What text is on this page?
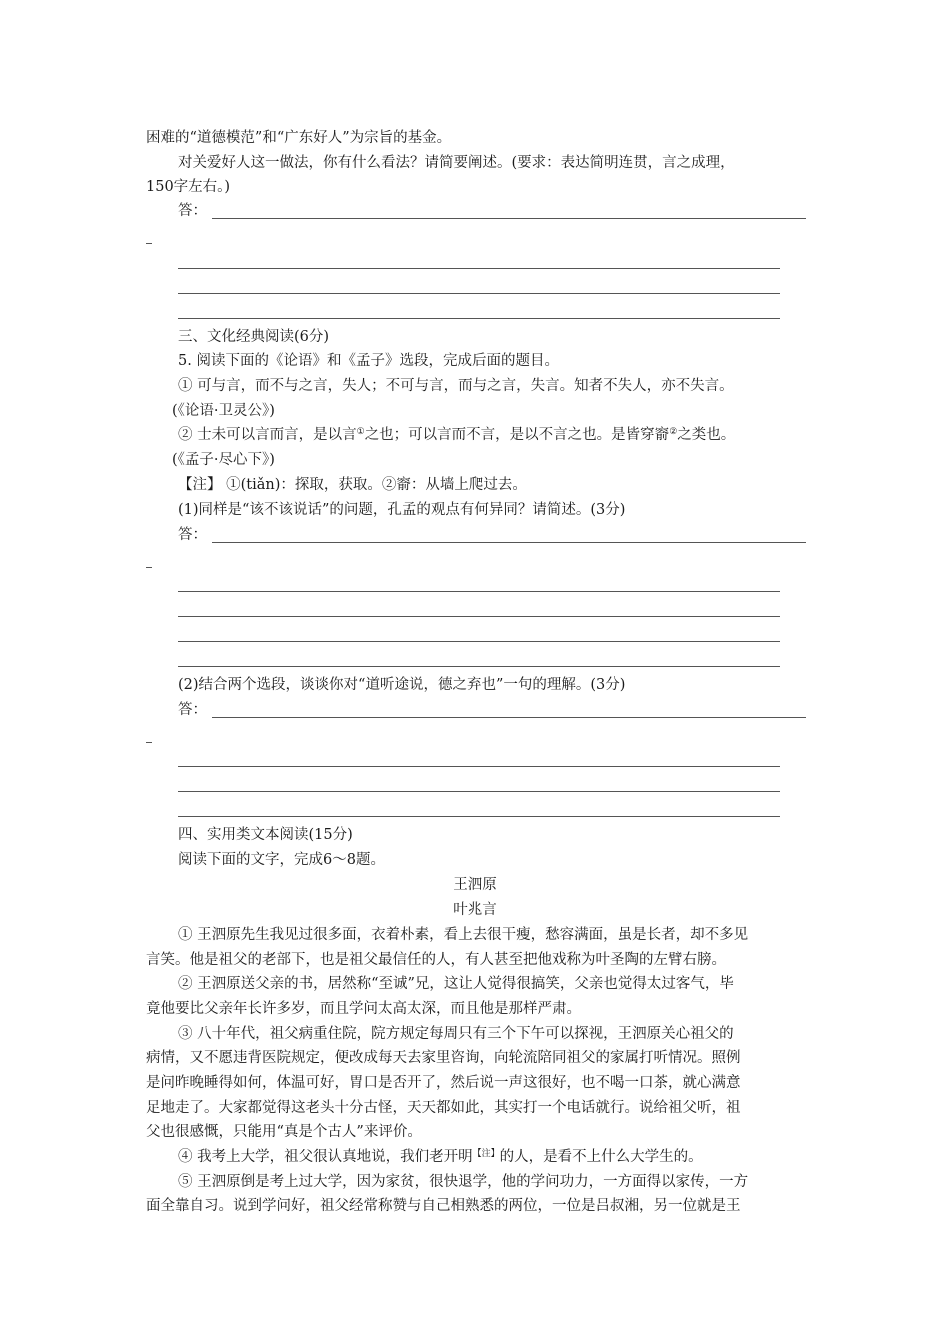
困难的“道德模范”和“广东好人”为宗旨的基金。
对关爱好人这一做法，你有什么看法？请简要阐述。(要求：表达简明连贯，言之成理，
150字左右。)
答：
三、文化经典阅读(6分)
5. 阅读下面的《论语》和《孟子》选段，完成后面的题目。
① 可与言，而不与之言，失人；不可与言，而与之言，失言。知者不失人，亦不失言。
(《论语·卫灵公》)
② 士未可以言而言，是以言①之也；可以言而不言，是以不言之也。是皆穿窬②之类也。
(《孟子·尽心下》)
【注】 ①(tiǎn)：探取，获取。②窬：从墙上爬过去。
(1)同样是“该不该说话”的问题，孔孟的观点有何异同？请简述。(3分)
答：
(2)结合两个选段，谈谈你对“道听途说，德之弃也”一句的理解。(3分)
答：
四、实用类文本阅读(15分)
阅读下面的文字，完成6～8题。
王泗原
叶兆言
① 王泗原先生我见过很多面，衣着朴素，看上去很干瘦，愁容满面，虽是长者，却不多见
言笑。他是祖父的老部下，也是祖父最信任的人，有人甚至把他戏称为叶圣陶的左臂右膀。
② 王泗原送父亲的书，居然称“至诚”兄，这让人觉得很搞笑，父亲也觉得太过客气，毕
竟他要比父亲年长许多岁，而且学问太高太深，而且他是那样严肃。
③ 八十年代，祖父病重住院，院方规定每周只有三个下午可以探视，王泗原关心祖父的
病情，又不愿违背医院规定，便改成每天去家里咨询，向轮流陪同祖父的家属打听情况。照例
是问昨晚睡得如何，体温可好，胃口是否开了，然后说一声这很好，也不喝一口茶，就心满意
足地走了。大家都觉得这老头十分古怪，天天都如此，其实打一个电话就行。说给祖父听，祖
父也很感慨，只能用“真是个古人”来评价。
④ 我考上大学，祖父很认真地说，我们老开明$^{【注】}$的人，是看不上什么大学生的。
⑤ 王泗原倒是考上过大学，因为家贫，很快退学，他的学问功力，一方面得以家传，一方
面全靠自习。说到学问好，祖父经常称赞与自己相熟悉的两位，一位是吕叔湘，另一位就是王
